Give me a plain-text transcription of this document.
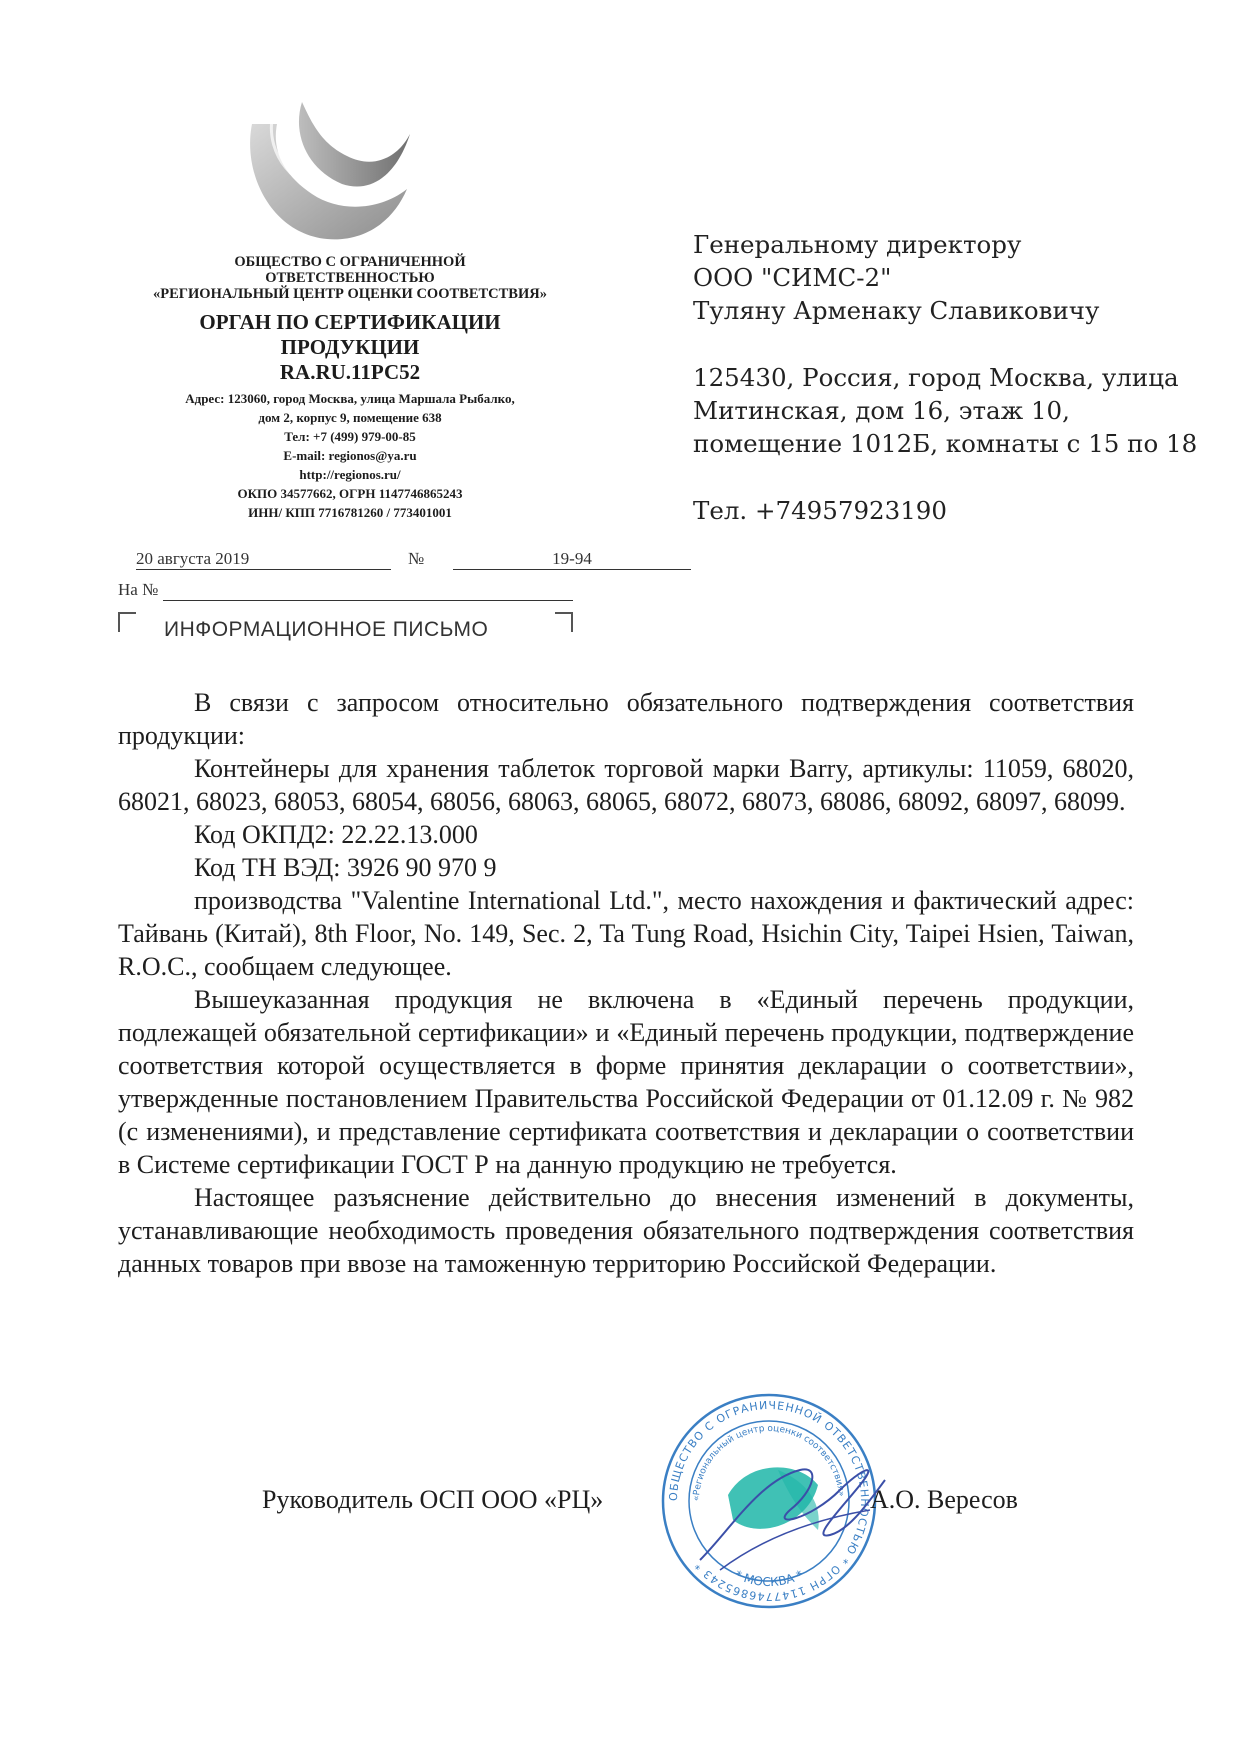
ОБЩЕСТВО С ОГРАНИЧЕННОЙ
ОТВЕТСТВЕННОСТЬЮ
«РЕГИОНАЛЬНЫЙ ЦЕНТР ОЦЕНКИ СООТВЕТСТВИЯ»
ОРГАН ПО СЕРТИФИКАЦИИ
ПРОДУКЦИИ
RA.RU.11РС52
Адрес: 123060, город Москва, улица Маршала Рыбалко,
дом 2, корпус 9, помещение 638
Тел: +7 (499) 979-00-85
E-mail: regionos@ya.ru
http://regionos.ru/
ОКПО 34577662, ОГРН 1147746865243
ИНН/ КПП 7716781260 / 773401001
Генеральному директору
ООО "СИМС-2"
Туляну Арменаку Славиковичу
125430, Россия, город Москва, улица
Митинская, дом 16, этаж 10,
помещение 1012Б, комнаты с 15 по 18
Тел. +74957923190
20 августа 2019	№	19-94
На №
ИНФОРМАЦИОННОЕ ПИСЬМО

В связи с запросом относительно обязательного подтверждения соответствия продукции:

Контейнеры для хранения таблеток торговой марки Barry, артикулы: 11059, 68020, 68021, 68023, 68053, 68054, 68056, 68063, 68065, 68072, 68073, 68086, 68092, 68097, 68099.

Код ОКПД2: 22.22.13.000

Код ТН ВЭД: 3926 90 970 9

производства "Valentine International Ltd.", место нахождения и фактический адрес: Тайвань (Китай), 8th Floor, No. 149, Sec. 2, Ta Tung Road, Hsichin City, Taipei Hsien, Taiwan, R.O.C., сообщаем следующее.

Вышеуказанная продукция не включена в «Единый перечень продукции, подлежащей обязательной сертификации» и «Единый перечень продукции, подтверждение соответствия которой осуществляется в форме принятия декларации о соответствии», утвержденные постановлением Правительства Российской Федерации от 01.12.09 г. № 982 (с изменениями), и представление сертификата соответствия и декларации о соответствии в Системе сертификации ГОСТ Р на данную продукцию не требуется.

Настоящее разъяснение действительно до внесения изменений в документы, устанавливающие необходимость проведения обязательного подтверждения соответствия данных товаров при ввозе на таможенную территорию Российской Федерации.

ОБЩЕСТВО С ОГРАНИЧЕННОЙ ОТВЕТСТВЕННОСТЬЮ * ОГРН 1147746865243 *
«Региональный центр оценки соответствия»
* МОСКВА *
Руководитель ОСП ООО «РЦ»	А.О. Вересов
